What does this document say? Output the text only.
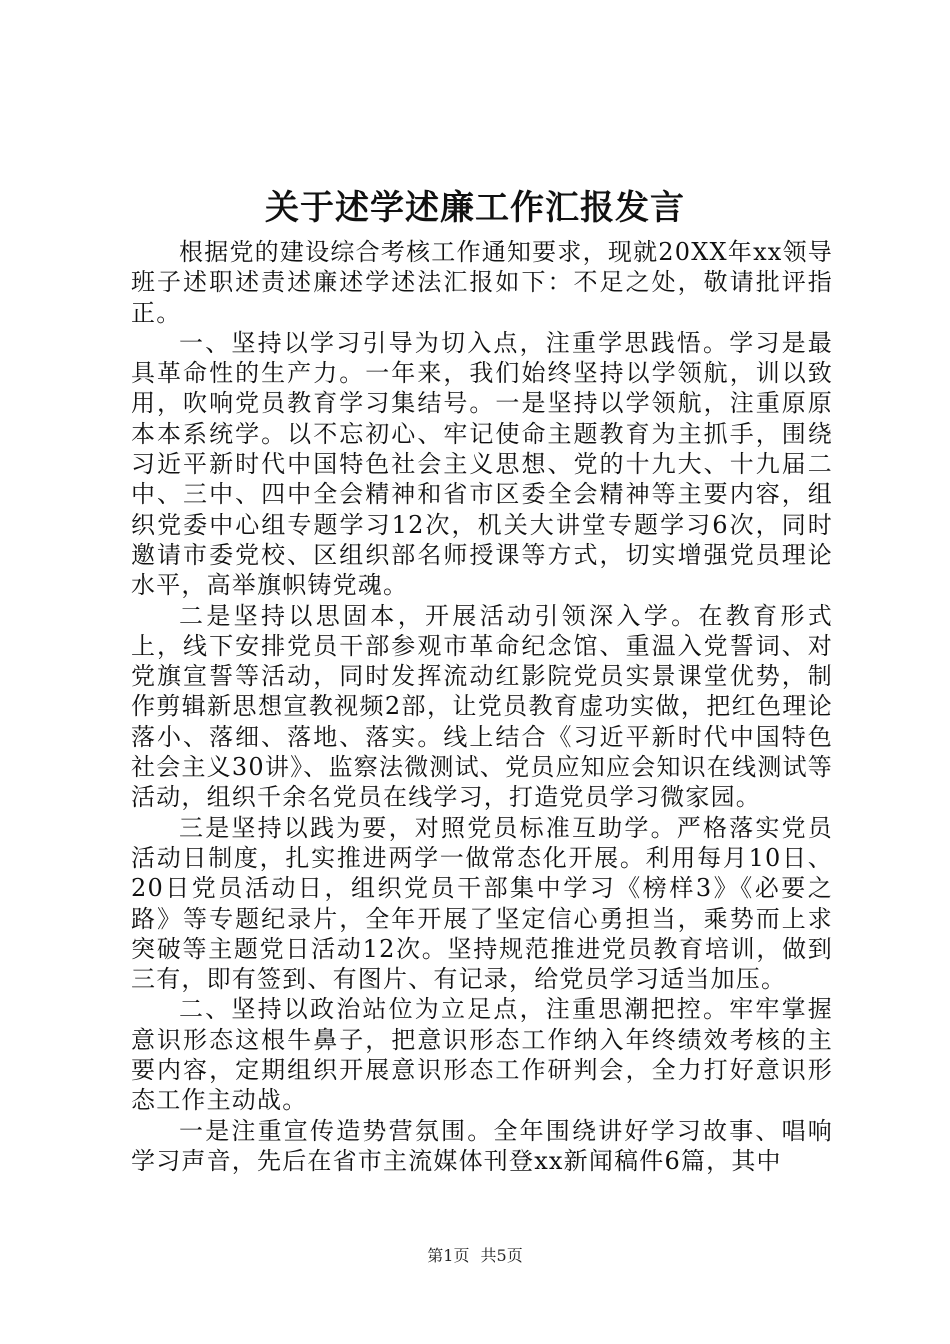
关于述学述廉工作汇报发言

根据党的建设综合考核工作通知要求，现就20XX年xx领导班子述职述责述廉述学述法汇报如下：不足之处，敬请批评指正。

一、坚持以学习引导为切入点，注重学思践悟。学习是最具革命性的生产力。一年来，我们始终坚持以学领航，训以致用，吹响党员教育学习集结号。一是坚持以学领航，注重原原本本系统学。以不忘初心、牢记使命主题教育为主抓手，围绕习近平新时代中国特色社会主义思想、党的十九大、十九届二中、三中、四中全会精神和省市区委全会精神等主要内容，组织党委中心组专题学习12次，机关大讲堂专题学习6次，同时邀请市委党校、区组织部名师授课等方式，切实增强党员理论水平，高举旗帜铸党魂。

二是坚持以思固本，开展活动引领深入学。在教育形式上，线下安排党员干部参观市革命纪念馆、重温入党誓词、对党旗宣誓等活动，同时发挥流动红影院党员实景课堂优势，制作剪辑新思想宣教视频2部，让党员教育虚功实做，把红色理论落小、落细、落地、落实。线上结合《习近平新时代中国特色社会主义30讲》、监察法微测试、党员应知应会知识在线测试等活动，组织千余名党员在线学习，打造党员学习微家园。

三是坚持以践为要，对照党员标准互助学。严格落实党员活动日制度，扎实推进两学一做常态化开展。利用每月10日、20日党员活动日，组织党员干部集中学习《榜样3》《必要之路》等专题纪录片，全年开展了坚定信心勇担当，乘势而上求突破等主题党日活动12次。坚持规范推进党员教育培训，做到三有，即有签到、有图片、有记录，给党员学习适当加压。

二、坚持以政治站位为立足点，注重思潮把控。牢牢掌握意识形态这根牛鼻子，把意识形态工作纳入年终绩效考核的主要内容，定期组织开展意识形态工作研判会，全力打好意识形态工作主动战。

一是注重宣传造势营氛围。全年围绕讲好学习故事、唱响学习声音，先后在省市主流媒体刊登xx新闻稿件6篇，其中

第1页 共5页
